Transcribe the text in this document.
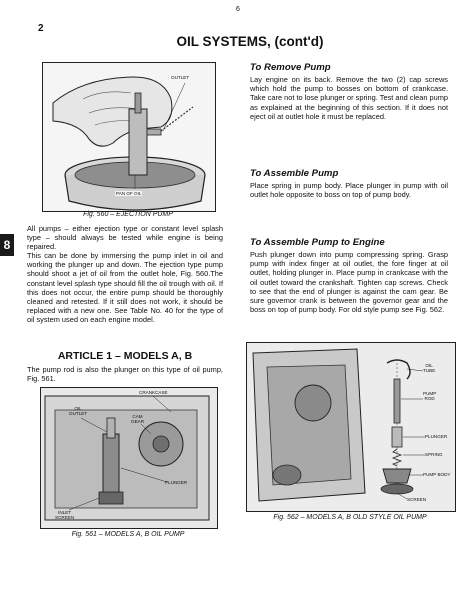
6
2
OIL SYSTEMS, (cont'd)
8
OUTLET
PAN OF OIL
Fig. 560 – EJECTION PUMP
All pumps – either ejection type or constant level splash type – should always be tested while engine is being repaired.
This can be done by immersing the pump inlet in oil and working the plunger up and down. The ejection type pump should shoot a jet of oil from the outlet hole, Fig. 560.The constant level splash type should fill the oil trough with oil. If this does not occur, the entire pump should be thoroughly cleaned and retested. If it still does not work, it should be replaced with a new one. See Table No. 40 for the type of oil system used on each engine model.
ARTICLE 1 – MODELS A, B
The pump rod is also the plunger on this type of oil pump, Fig. 561.
CRANKCASE
OIL
OUTLET
CAM
GEAR
PLUNGER
INLET
SCREEN
Fig. 561 – MODELS A, B OIL PUMP
To Remove Pump
Lay engine on its back. Remove the two (2) cap screws which hold the pump to bosses on bottom of crankcase. Take care not to lose plunger or spring. Test and clean pump as explained at the beginning of this section. If it does not eject oil at outlet hole it must be replaced.
To Assemble Pump
Place spring in pump body. Place plunger in pump with oil outlet hole opposite to boss on top of pump body.
To Assemble Pump to Engine
Push plunger down into pump compressing spring. Grasp pump with index finger at oil outlet, the fore finger at oil outlet, holding plunger in. Place pump in crankcase with the oil outlet toward the crankshaft. Tighten cap screws. Check to see that the end of plunger is against the cam gear. Be sure governor crank is between the governor gear and the boss on top of pump body. For old style pump see Fig. 562.
OIL
TUBE
PUMP
ROD
PLUNGER
SPRING
PUMP BODY
SCREEN
Fig. 562 – MODELS A, B OLD STYLE OIL PUMP
